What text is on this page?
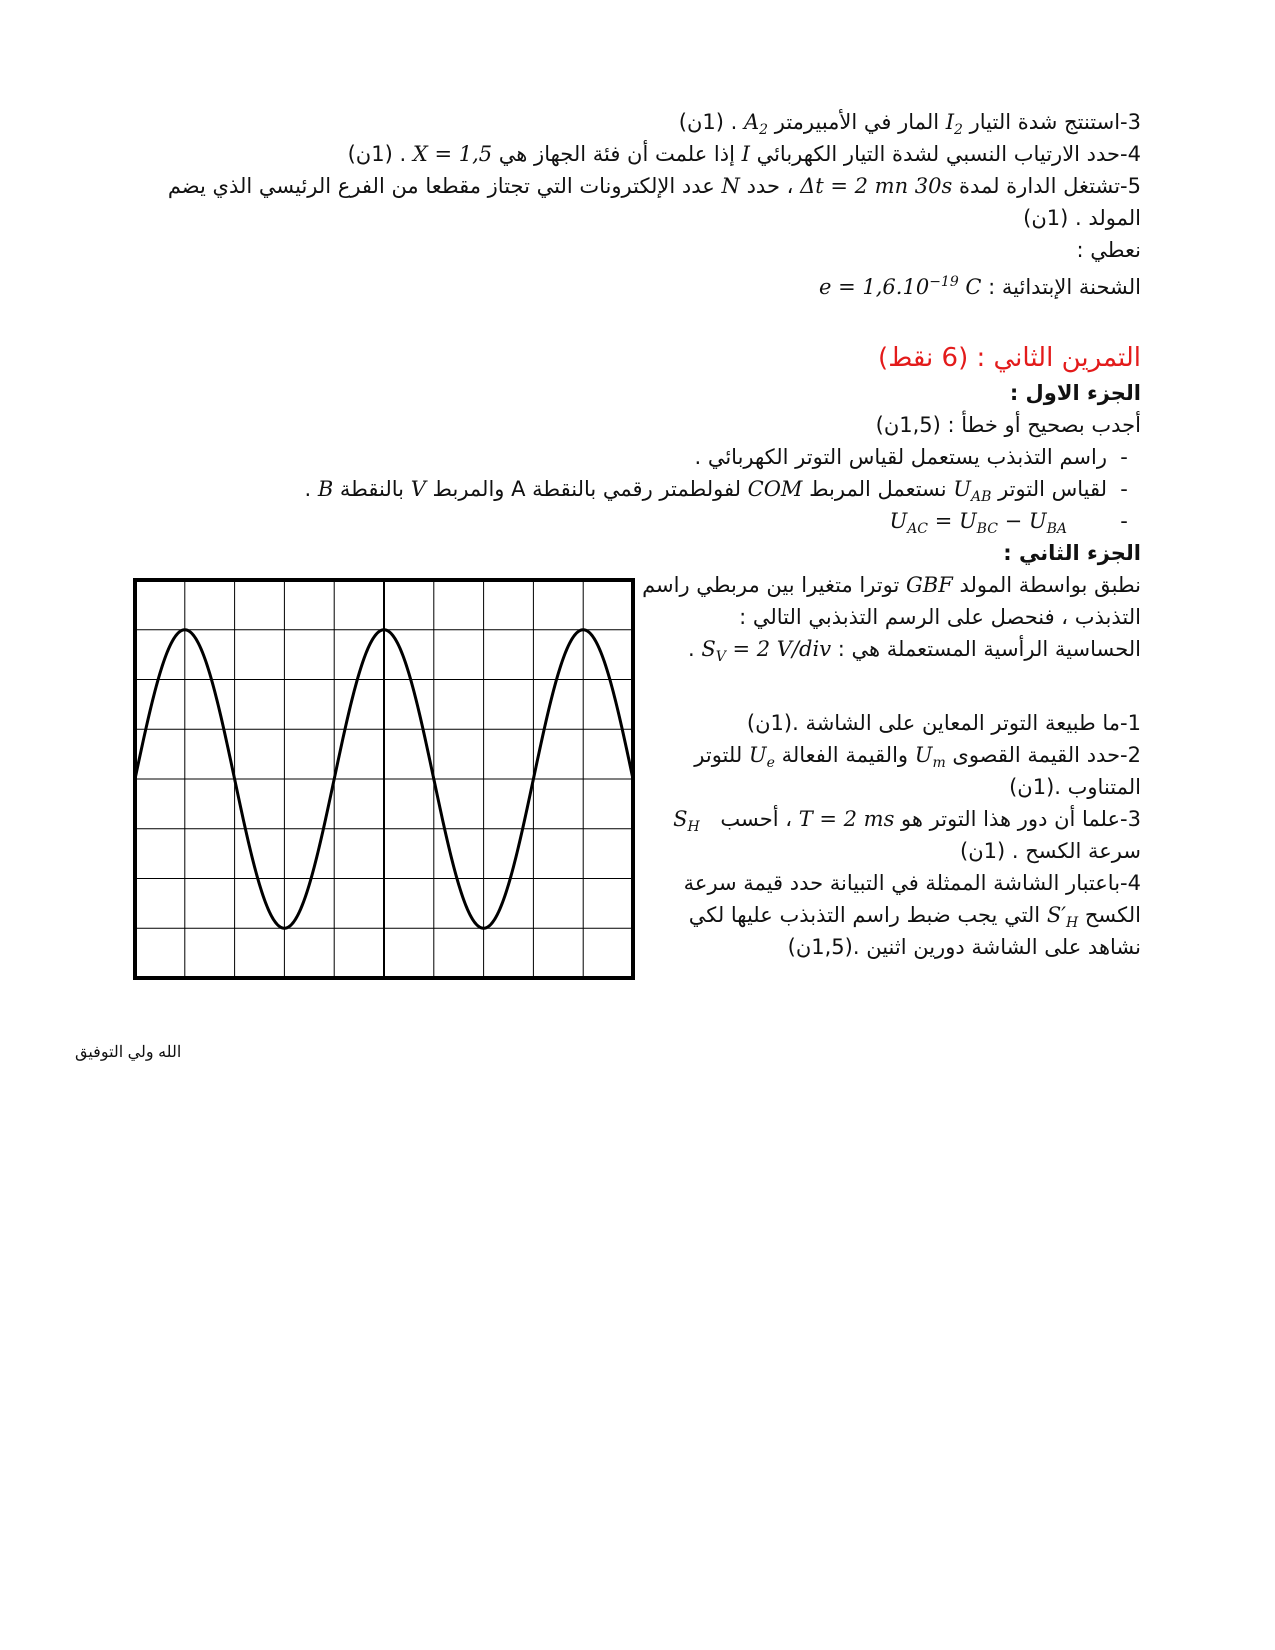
3-استنتج شدة التيار $I_2$ المار في الأمبيرمتر $A_2$ . (1ن)
4-حدد الارتياب النسبي لشدة التيار الكهربائي I إذا علمت أن فئة الجهاز هي X = 1,5 . (1ن)
5-تشتغل الدارة لمدة Δt = 2 mn 30s ، حدد N عدد الإلكترونات التي تجتاز مقطعا من الفرع الرئيسي الذي يضم
المولد . (1ن)
نعطي :
الشحنة الإبتدائية : $e = 1,6.10^{-19}$ C
التمرين الثاني : (6 نقط)
الجزء الاول :
أجدب بصحيح أو خطأ : (1,5ن)
-راسم التذبذب يستعمل لقياس التوتر الكهربائي .
-لقياس التوتر $U_{AB}$ نستعمل المربط COM لفولطمتر رقمي بالنقطة A والمربط V بالنقطة B .
$-U_{AC} = U_{BC} - U_{BA}$
الجزء الثاني :
نطبق بواسطة المولد GBF توترا متغيرا بين مربطي راسم
التذبذب ، فنحصل على الرسم التذبذبي التالي :
الحساسية الرأسية المستعملة هي : $S_V = 2$ V/div .
1-ما طبيعة التوتر المعاين على الشاشة .(1ن)
2-حدد القيمة القصوى $U_m$ والقيمة الفعالة $U_e$ للتوتر
المتناوب .(1ن)
3-علما أن دور هذا التوتر هو T = 2 ms ، أحسب $S_H$
سرعة الكسح . (1ن)
4-باعتبار الشاشة الممثلة في التبيانة حدد قيمة سرعة
الكسح $S'_H$ التي يجب ضبط راسم التذبذب عليها لكي
نشاهد على الشاشة دورين اثنين .(1,5ن)
الله ولي التوفيق
